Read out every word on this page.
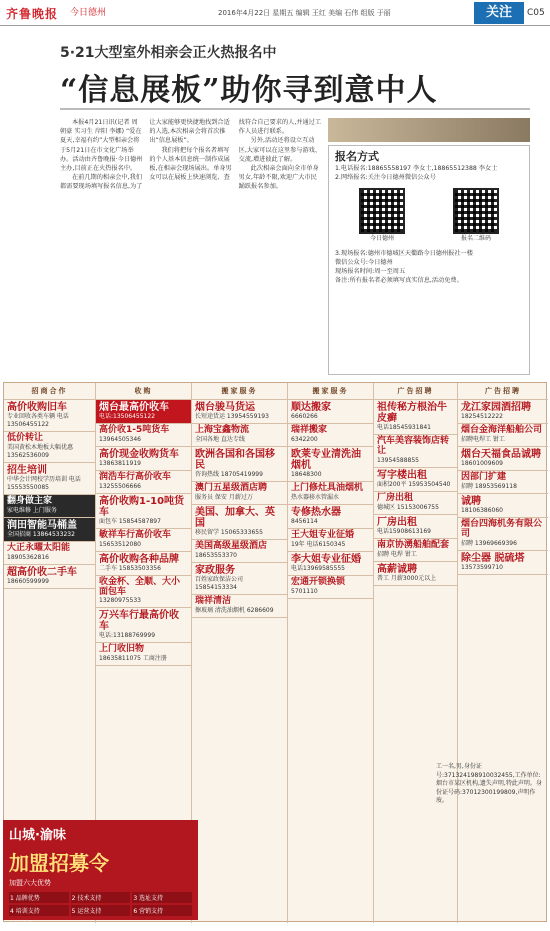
齐鲁晚报 今日德州	2016年4月22日 星期五 编辑 王红 美编 石伟 组版 于丽	关注	C05
5·21大型室外相亲会正火热报名中
“信息展板”助你寻到意中人

本报4月21日讯(记者 周朝豪 实习生 岸阳 李娜) “爱在夏天,幸福有约”大型相亲会将于5月21日在市文化广场举办。活动由齐鲁晚报·今日德州主办,目前正在火热报名中。

在前几期的相亲会中,我们都需要现场填写报名信息,为了让大家能够更快捷地找到合适的人选,本次相亲会将首次推出“信息展板”。

我们将把每个报名者填写的个人基本信息统一制作成展板,在相亲会现场展出。单身男女可以在展板上快速浏览、查找符合自己要求的人,并通过工作人员进行联系。

另外,活动还将设立互动区,大家可以在这里参与游戏、交流,增进彼此了解。

此次相亲会面向全市单身男女,年龄不限,欢迎广大市民踊跃报名参加。

报名方式
1.电话报名:18865558197 李女士,18865512388 李女士
2.网络报名:关注今日德州微信公众号
今日德州	报名二维码
3.现场报名:德州市德城区天衢路今日德州报社一楼
微信公众号:今日德州
现场报名时间:周一至周五
备注:所有报名者必须填写真实信息,活动免费。
招商合作
高价收购旧车
专业回收各类车辆 电话13506455122
低价转让
美国黄松木地板大幅优惠 13562536009
招生培训
中华会计网校学历培训 电话15553550085
翻身做主家
家电维修 上门服务
润田智能马桶盖
全国招商 13864533232
大正永曜太阳能
18905362816
超高价收二手车
18660599999
收购
烟台最高价收车
电话:13506455122
高价收1-5吨货车
13964505346
高价现金收购货车
13863811919
润浩车行高价收车
13255506666
高价收购1-10吨货车
面包车 15854587897
敏祥车行高价收车
15653512080
高价收购各种品牌
二手车 15853503356
收金杯、全顺、大小面包车
13280975533
万兴车行最高价收车
电话:13188769999
上门收旧物
18635811075 工商注册
搬家服务
烟台骏马货运
长短途货运 13954559193
上海宝鑫物流
全国各地 直达专线
欧洲各国和各国移民
咨询热线 18705419999
澳门五星级酒店聘
服务员 保安 月薪过万
美国、加拿大、英国
移民留学 15065333655
美国高级星级酒店
18653553370
家政服务
百姓家政保洁公司 15854153334
瑞祥清洁
擦玻璃 清洗油烟机 6286609
搬家服务
顺达搬家
6660266
瑞祥搬家
6342200
欧莱专业清洗油烟机
18648300
上门修灶具油烟机
热水器移水管漏水
专修热水器
8456114
王大姐专业征婚
19年 电话6150345
李大姐专业征婚
电话13969585555
宏通开锁换锁
5701110
广告招聘
祖传秘方根治牛皮癣
电话18545931841
汽车美容装饰店转让
13954588855
写字楼出租
面积200平 15953504540
厂房出租
德城区 15153006755
厂房出租
电话15908613169
南京协湧船舶配套
招聘 电焊 钳工
高薪诚聘
普工 月薪3000元以上
广告招聘
龙江家园酒招聘
18254512222
烟台金海洋船舶公司
招聘电焊工 钳工
烟台天福食品诚聘
18601009609
因部门扩建
招聘 18953569118
诚聘
18106386060
烟台四海机务有限公司
招聘 13969669396
除尘器 脱硫塔
13573599710
山城·渝味
加盟招募令
加盟六大优势
1 品牌优势	2 技术支持	3 选址支持
4 培训支持	5 运营支持	6 营销支持
招商热线: 400-018-0088
工一名,男,身份证号:371324198910032455,工作单位:烟台市某区机构,遗失声明,特此声明。身份证号码:37012300199809,声明作废。
